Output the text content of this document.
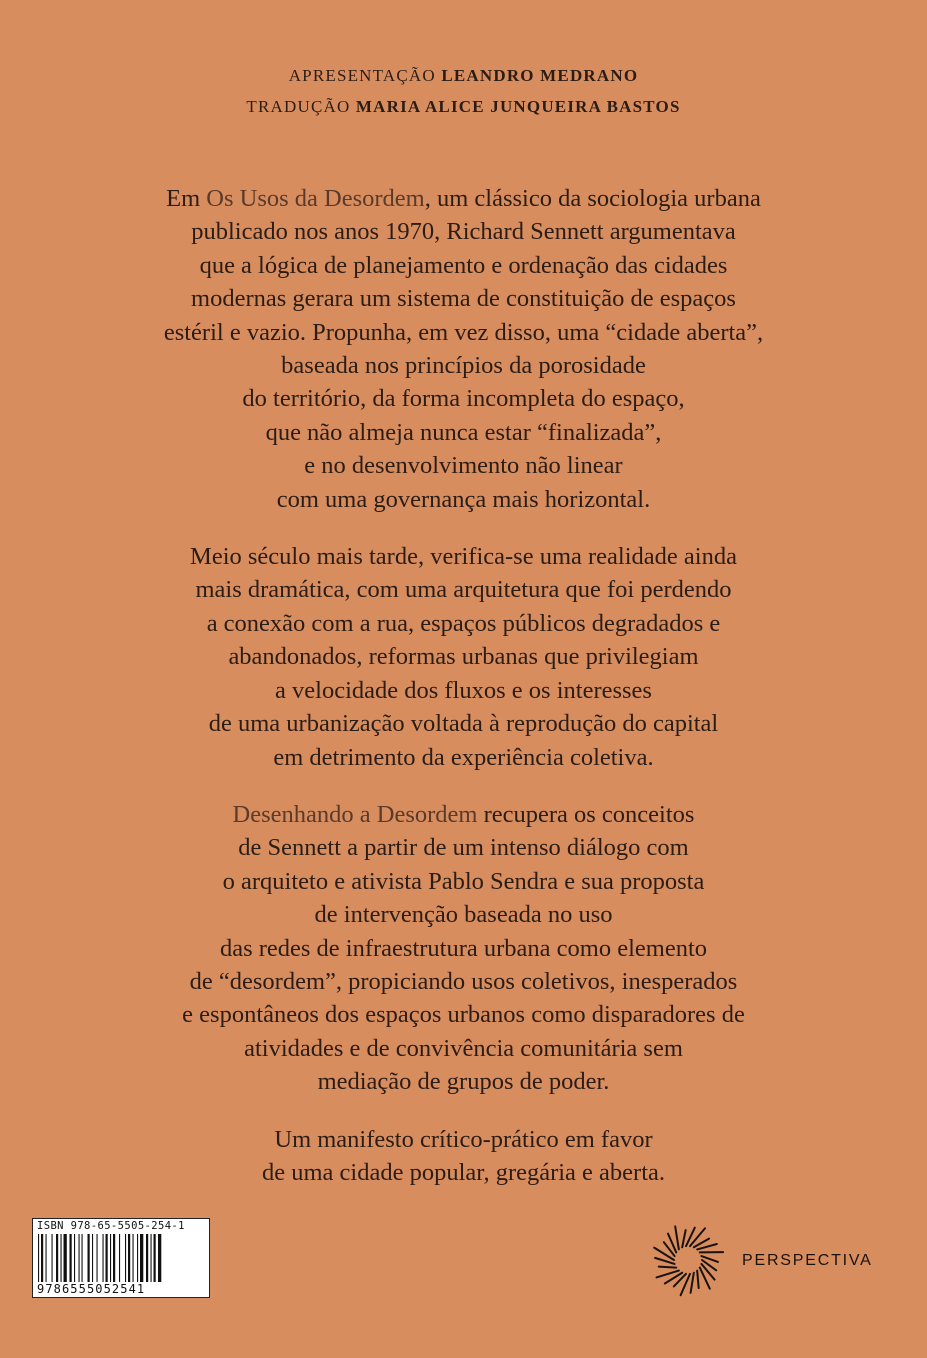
APRESENTAÇÃO LEANDRO MEDRANO
TRADUÇÃO MARIA ALICE JUNQUEIRA BASTOS

Em Os Usos da Desordem, um clássico da sociologia urbana
publicado nos anos 1970, Richard Sennett argumentava
que a lógica de planejamento e ordenação das cidades
modernas gerara um sistema de constituição de espaços
estéril e vazio. Propunha, em vez disso, uma “cidade aberta”,
baseada nos princípios da porosidade
do território, da forma incompleta do espaço,
que não almeja nunca estar “finalizada”,
e no desenvolvimento não linear
com uma governança mais horizontal.

Meio século mais tarde, verifica-se uma realidade ainda
mais dramática, com uma arquitetura que foi perdendo
a conexão com a rua, espaços públicos degradados e
abandonados, reformas urbanas que privilegiam
a velocidade dos fluxos e os interesses
de uma urbanização voltada à reprodução do capital
em detrimento da experiência coletiva.

Desenhando a Desordem recupera os conceitos
de Sennett a partir de um intenso diálogo com
o arquiteto e ativista Pablo Sendra e sua proposta
de intervenção baseada no uso
das redes de infraestrutura urbana como elemento
de “desordem”, propiciando usos coletivos, inesperados
e espontâneos dos espaços urbanos como disparadores de
atividades e de convivência comunitária sem
mediação de grupos de poder.

Um manifesto crítico-prático em favor
de uma cidade popular, gregária e aberta.

ISBN 978-65-5505-254-1
9786555052541
PERSPECTIVA
